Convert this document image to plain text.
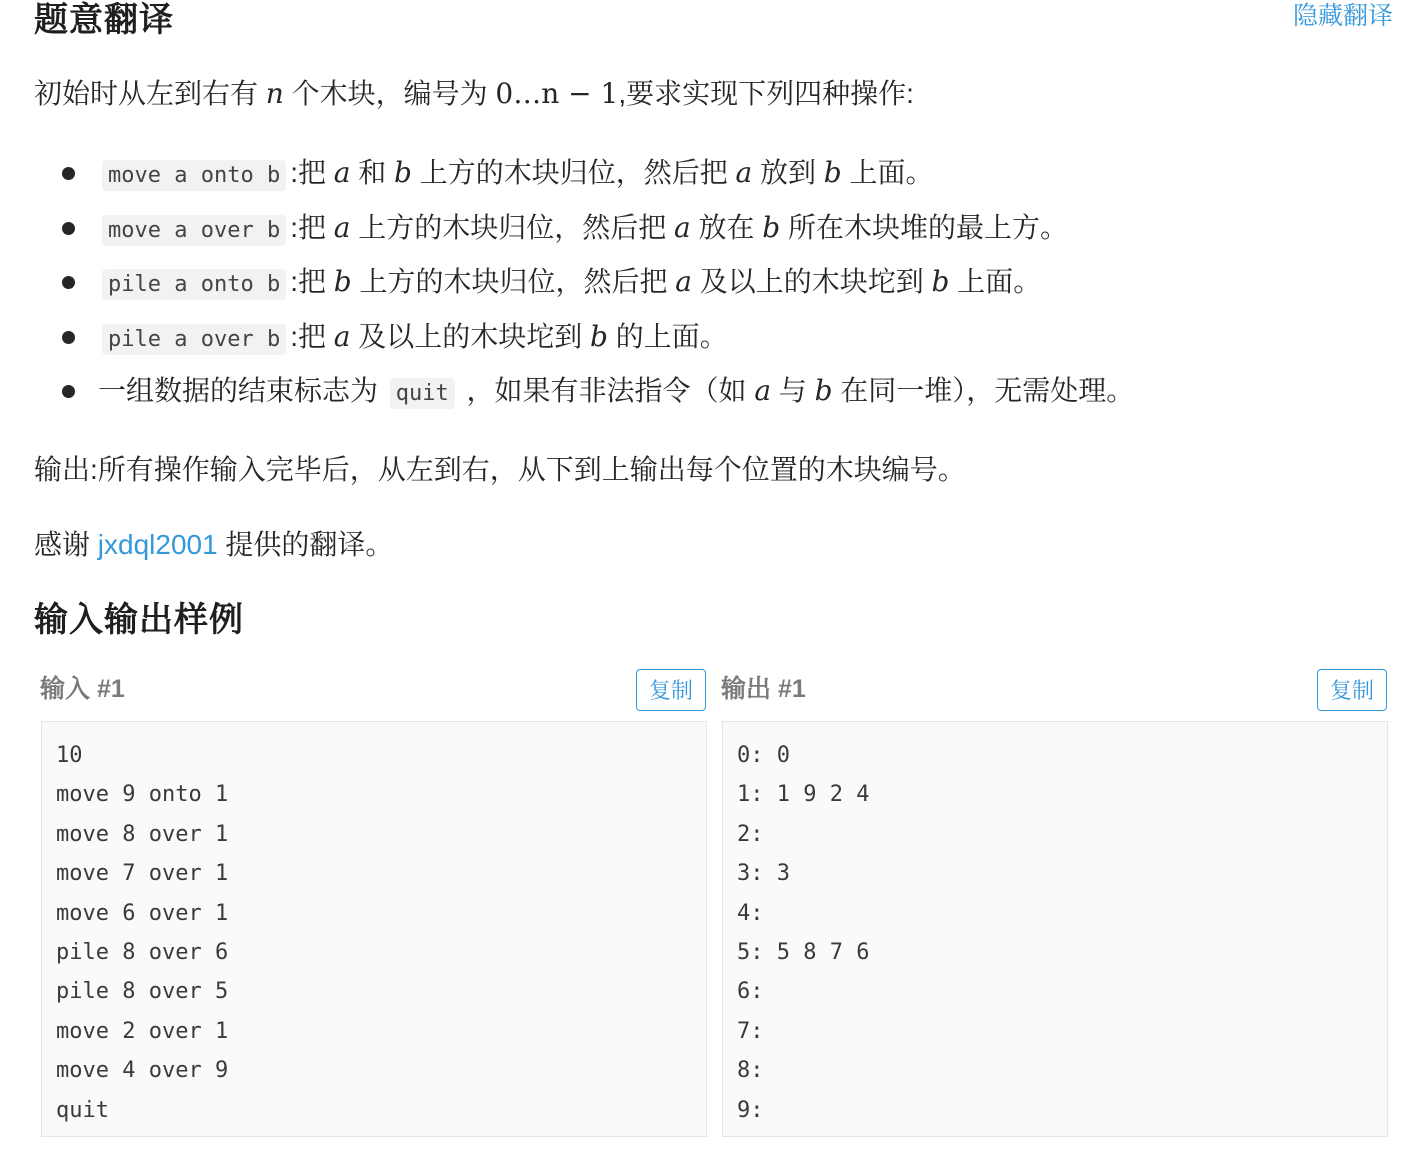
题意翻译	隐藏翻译

初始时从左到右有 n 个木块，编号为 0…n − 1,要求实现下列四种操作:

move a onto b :把 a 和 b 上方的木块归位，然后把 a 放到 b 上面。
move a over b :把 a 上方的木块归位，然后把 a 放在 b 所在木块堆的最上方。
pile a onto b :把 b 上方的木块归位，然后把 a 及以上的木块坨到 b 上面。
pile a over b :把 a 及以上的木块坨到 b 的上面。
一组数据的结束标志为 quit ，如果有非法指令（如 a 与 b 在同一堆），无需处理。

输出:所有操作输入完毕后，从左到右，从下到上输出每个位置的木块编号。

感谢 jxdql2001 提供的翻译。

输入输出样例
输入 #1	复制	输出 #1	复制
10
move 9 onto 1
move 8 over 1
move 7 over 1
move 6 over 1
pile 8 over 6
pile 8 over 5
move 2 over 1
move 4 over 9
quit
0: 0
1: 1 9 2 4
2:
3: 3
4:
5: 5 8 7 6
6:
7:
8:
9:
